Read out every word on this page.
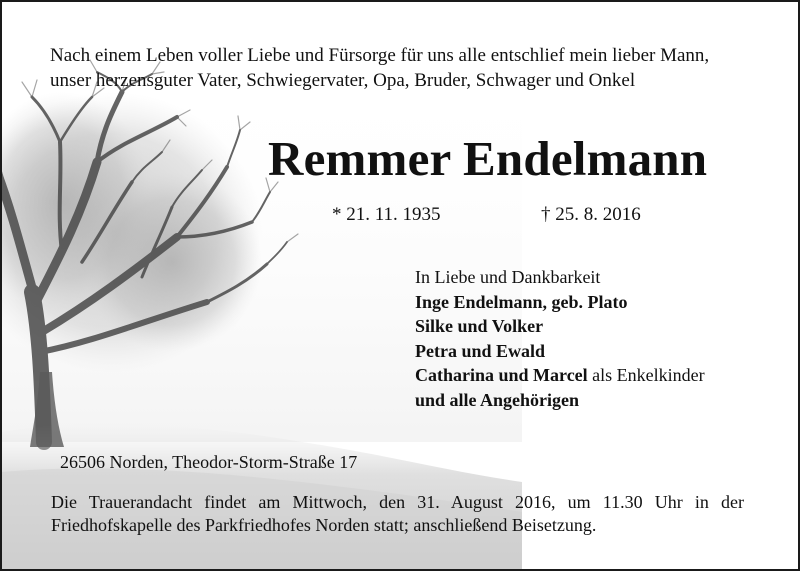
Nach einem Leben voller Liebe und Fürsorge für uns alle entschlief mein lieber Mann,
unser herzensguter Vater, Schwiegervater, Opa, Bruder, Schwager und Onkel
Remmer Endelmann
* 21. 11. 1935	† 25. 8. 2016
In Liebe und Dankbarkeit
Inge Endelmann, geb. Plato
Silke und Volker
Petra und Ewald
Catharina und Marcel als Enkelkinder
und alle Angehörigen
26506 Norden, Theodor-Storm-Straße 17
Die Trauerandacht findet am Mittwoch, den 31. August 2016, um 11.30 Uhr in der Friedhofskapelle des Parkfriedhofes Norden statt; anschließend Beisetzung.
